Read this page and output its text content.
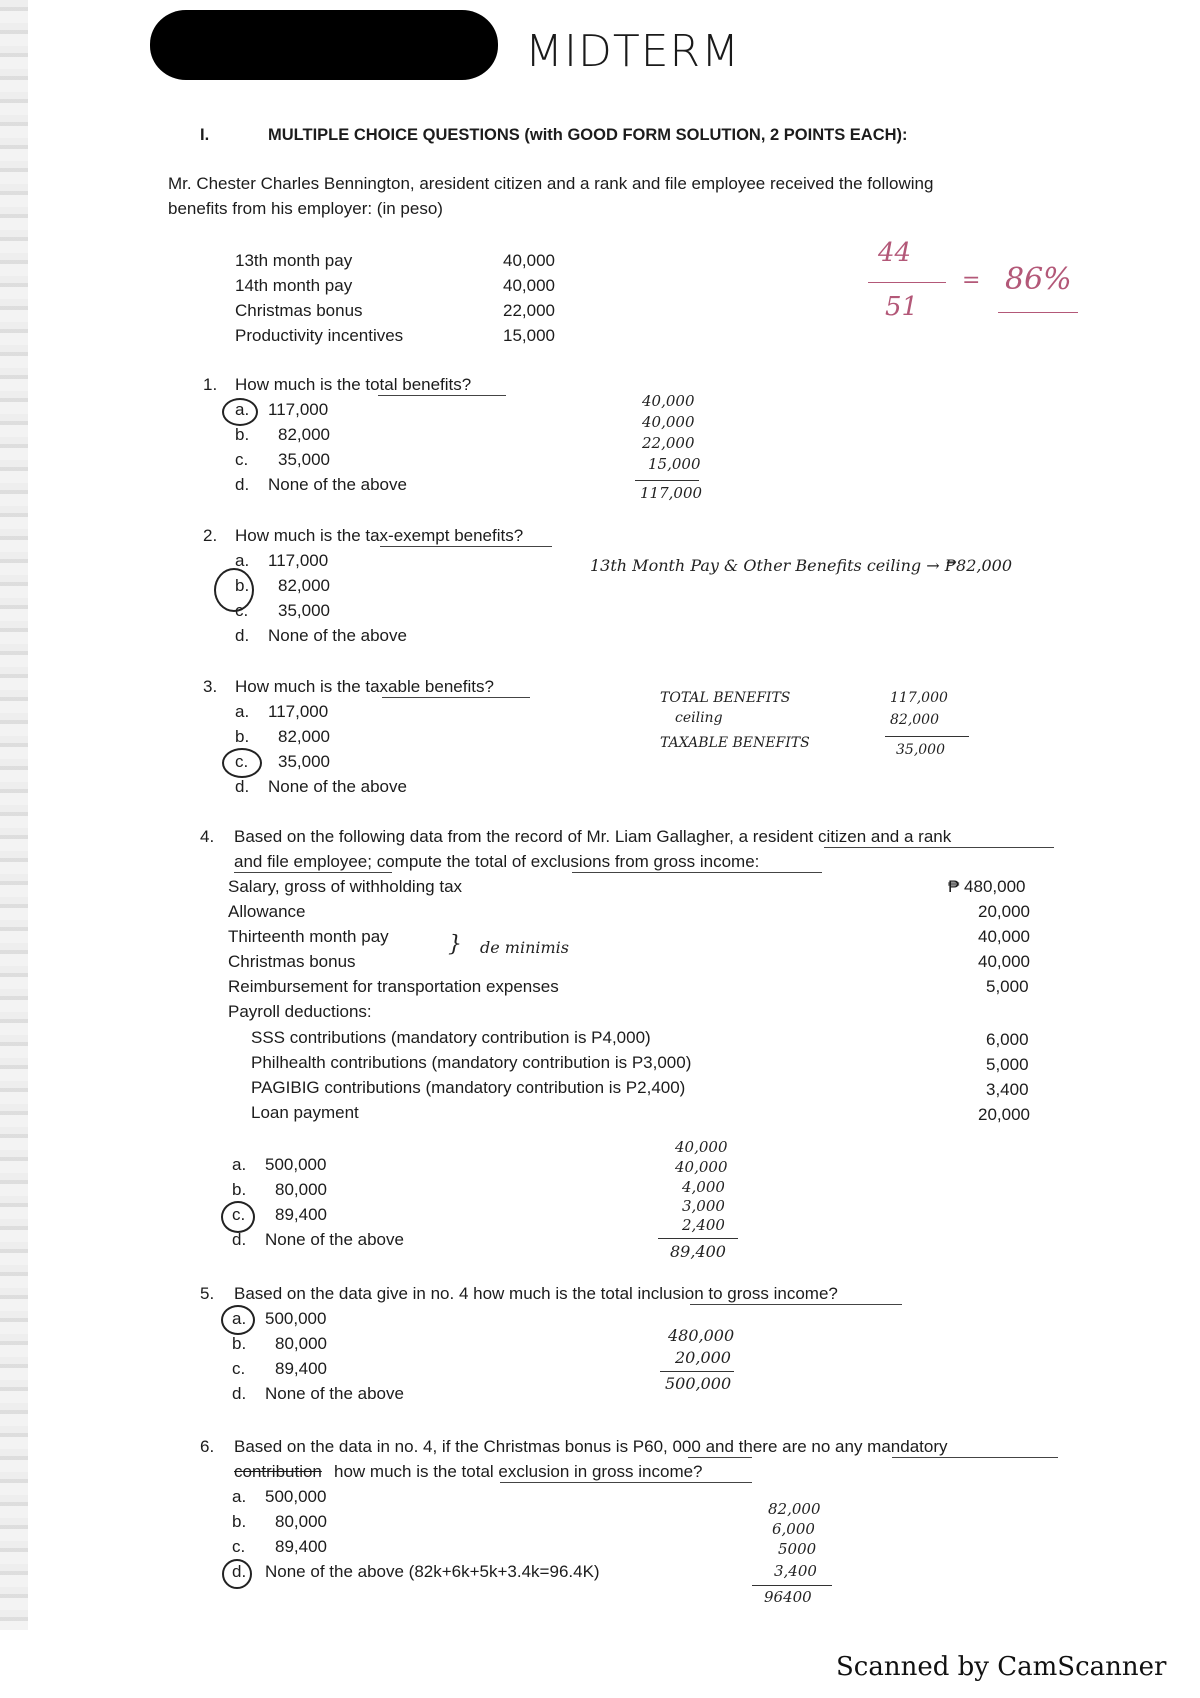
MIDTERM
I.	MULTIPLE CHOICE QUESTIONS (with GOOD FORM SOLUTION, 2 POINTS EACH):
Mr. Chester Charles Bennington, aresident citizen and a rank and file employee received the following
benefits from his employer: (in peso)
13th month pay	40,000
14th month pay	40,000
Christmas bonus	22,000
Productivity incentives	15,000
44
51
= 86%
1. How much is the total benefits?
a. 117,000
b. 82,000
c. 35,000
d. None of the above
40,000
40,000
22,000
15,000
117,000
2. How much is the tax-exempt benefits?
a. 117,000
b. 82,000
c. 35,000
d. None of the above
13th Month Pay & Other Benefits ceiling → ₱82,000
3. How much is the taxable benefits?
a. 117,000
b. 82,000
c. 35,000
d. None of the above
TOTAL BENEFITS
ceiling
TAXABLE BENEFITS
117,000
82,000
35,000
4. Based on the following data from the record of Mr. Liam Gallagher, a resident citizen and a rank
and file employee; compute the total of exclusions from gross income:
Salary, gross of withholding tax	₱ 480,000
Allowance	20,000
Thirteenth month pay	40,000
Christmas bonus	40,000
Reimbursement for transportation expenses	5,000
Payroll deductions:
SSS contributions (mandatory contribution is P4,000)	6,000
Philhealth contributions (mandatory contribution is P3,000)	5,000
PAGIBIG contributions (mandatory contribution is P2,400)	3,400
Loan payment	20,000
} de minimis
a. 500,000
b. 80,000
c. 89,400
d. None of the above
40,000
40,000
4,000
3,000
2,400
89,400
5. Based on the data give in no. 4 how much is the total inclusion to gross income?
a. 500,000
b. 80,000
c. 89,400
d. None of the above
480,000
20,000
500,000
6. Based on the data in no. 4, if the Christmas bonus is P60, 000 and there are no any mandatory
contribution how much is the total exclusion in gross income?
a. 500,000
b. 80,000
c. 89,400
d. None of the above (82k+6k+5k+3.4k=96.4K)
82,000
6,000
5000
3,400
96400
Scanned by CamScanner
